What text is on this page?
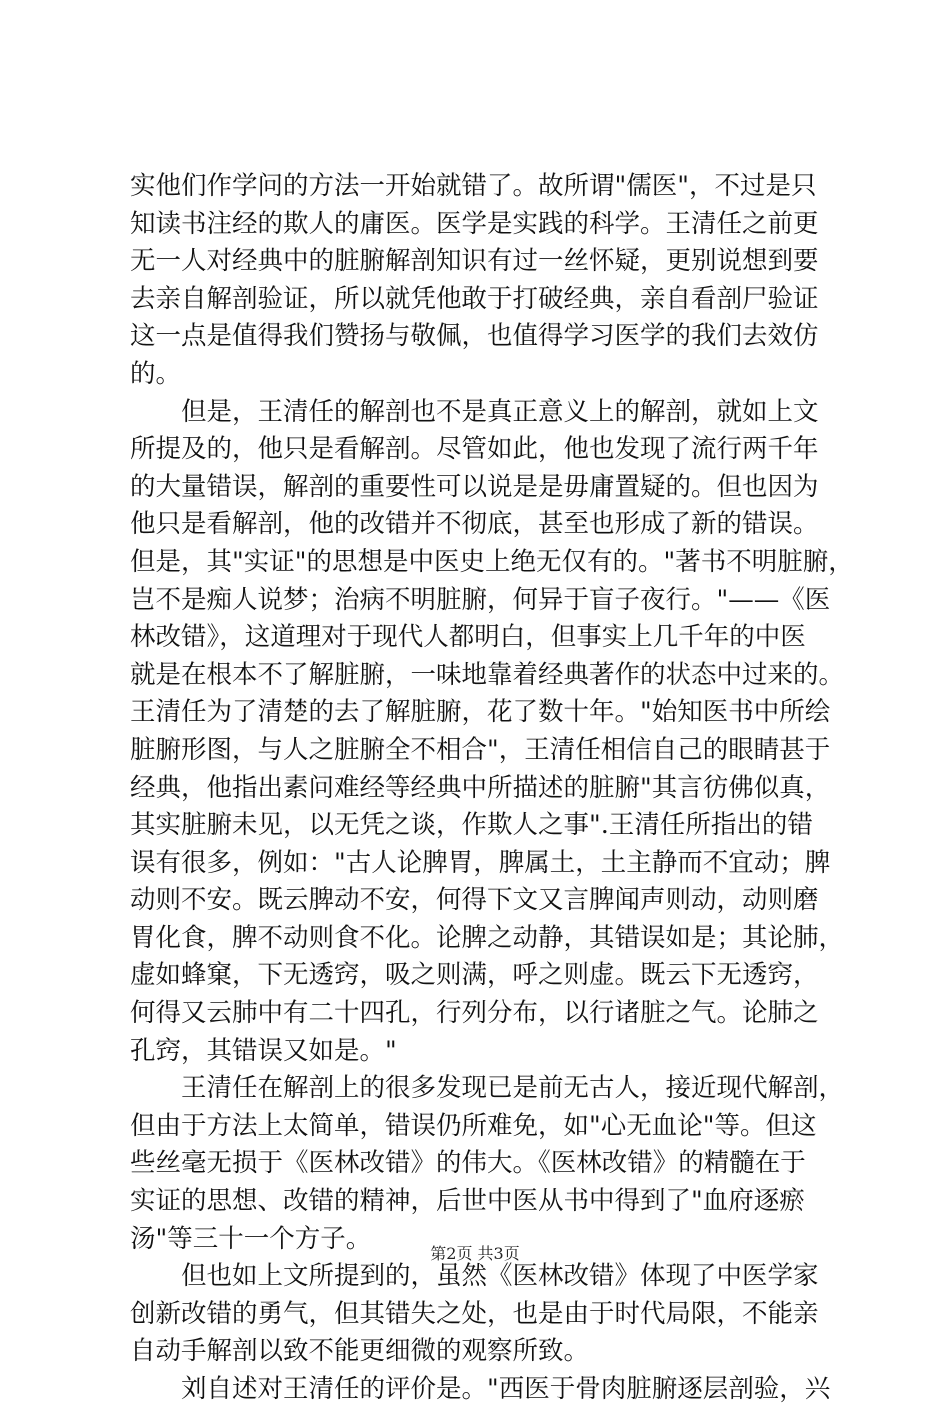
实他们作学问的方法一开始就错了。故所谓"儒医"，不过是只
知读书注经的欺人的庸医。医学是实践的科学。王清任之前更
无一人对经典中的脏腑解剖知识有过一丝怀疑，更别说想到要
去亲自解剖验证，所以就凭他敢于打破经典，亲自看剖尸验证
这一点是值得我们赞扬与敬佩，也值得学习医学的我们去效仿
的。
但是，王清任的解剖也不是真正意义上的解剖，就如上文
所提及的，他只是看解剖。尽管如此，他也发现了流行两千年
的大量错误，解剖的重要性可以说是是毋庸置疑的。但也因为
他只是看解剖，他的改错并不彻底，甚至也形成了新的错误。
但是，其"实证"的思想是中医史上绝无仅有的。"著书不明脏腑，
岂不是痴人说梦；治病不明脏腑，何异于盲子夜行。"——《医
林改错》，这道理对于现代人都明白，但事实上几千年的中医
就是在根本不了解脏腑，一味地靠着经典著作的状态中过来的。
王清任为了清楚的去了解脏腑，花了数十年。"始知医书中所绘
脏腑形图，与人之脏腑全不相合"，王清任相信自己的眼睛甚于
经典，他指出素问难经等经典中所描述的脏腑"其言彷佛似真，
其实脏腑未见，以无凭之谈，作欺人之事".王清任所指出的错
误有很多，例如："古人论脾胃，脾属土，土主静而不宜动；脾
动则不安。既云脾动不安，何得下文又言脾闻声则动，动则磨
胃化食，脾不动则食不化。论脾之动静，其错误如是；其论肺，
虚如蜂窠，下无透窍，吸之则满，呼之则虚。既云下无透窍，
何得又云肺中有二十四孔，行列分布，以行诸脏之气。论肺之
孔窍，其错误又如是。"
王清任在解剖上的很多发现已是前无古人，接近现代解剖，
但由于方法上太简单，错误仍所难免，如"心无血论"等。但这
些丝毫无损于《医林改错》的伟大。《医林改错》的精髓在于
实证的思想、改错的精神，后世中医从书中得到了"血府逐瘀
汤"等三十一个方子。
但也如上文所提到的，虽然《医林改错》体现了中医学家
创新改错的勇气，但其错失之处，也是由于时代局限，不能亲
自动手解剖以致不能更细微的观察所致。
刘自述对王清任的评价是。"西医于骨肉脏腑逐层剖验，兴
第2页 共3页
